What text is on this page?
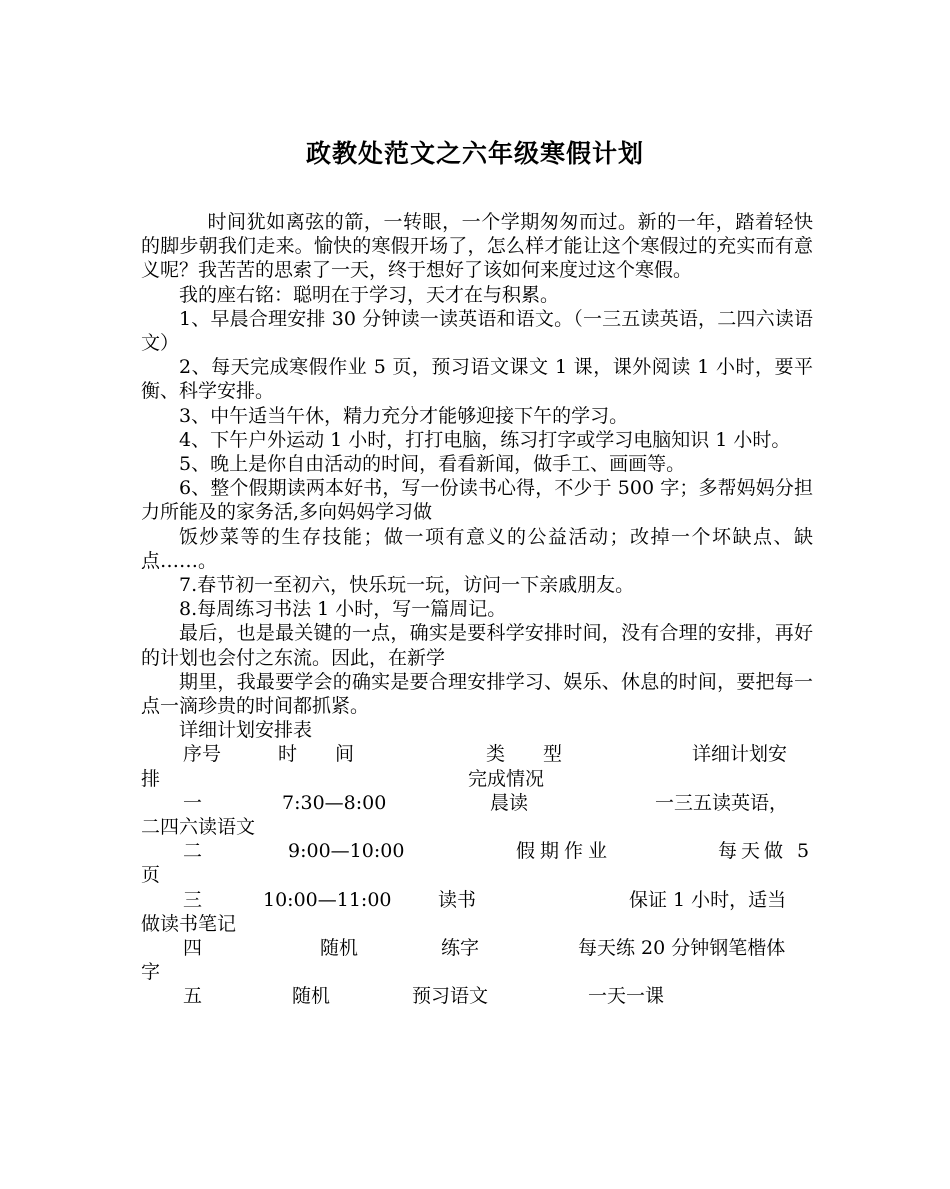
政教处范文之六年级寒假计划

时间犹如离弦的箭，一转眼，一个学期匆匆而过。新的一年，踏着轻快的脚步朝我们走来。愉快的寒假开场了，怎么样才能让这个寒假过的充实而有意义呢？我苦苦的思索了一天，终于想好了该如何来度过这个寒假。

我的座右铭：聪明在于学习，天才在与积累。

1、早晨合理安排 30 分钟读一读英语和语文。（一三五读英语，二四六读语文）

2、每天完成寒假作业 5 页，预习语文课文 1 课，课外阅读 1 小时，要平衡、科学安排。

3、中午适当午休，精力充分才能够迎接下午的学习。

4、下午户外运动 1 小时，打打电脑，练习打字或学习电脑知识 1 小时。

5、晚上是你自由活动的时间，看看新闻，做手工、画画等。

6、整个假期读两本好书，写一份读书心得，不少于 500 字；多帮妈妈分担力所能及的家务活,多向妈妈学习做

饭炒菜等的生存技能；做一项有意义的公益活动；改掉一个坏缺点、缺点……。

7.春节初一至初六，快乐玩一玩，访问一下亲戚朋友。

8.每周练习书法 1 小时，写一篇周记。

最后，也是最关键的一点，确实是要科学安排时间，没有合理的安排，再好的计划也会付之东流。因此，在新学

期里，我最要学会的确实是要合理安排学习、娱乐、休息的时间，要把每一点一滴珍贵的时间都抓紧。

详细计划安排表

序号	时　　间	类　　型	详细计划安
排	完成情况
一	7:30—8:00	晨读	一三五读英语，
二四六读语文
二	9:00—10:00	假期作业	每天做 5
页
三	10:00—11:00 读书	保证 1 小时，适当
做读书笔记
四	随机	练字	每天练 20 分钟钢笔楷体
字
五	随机	预习语文	一天一课
